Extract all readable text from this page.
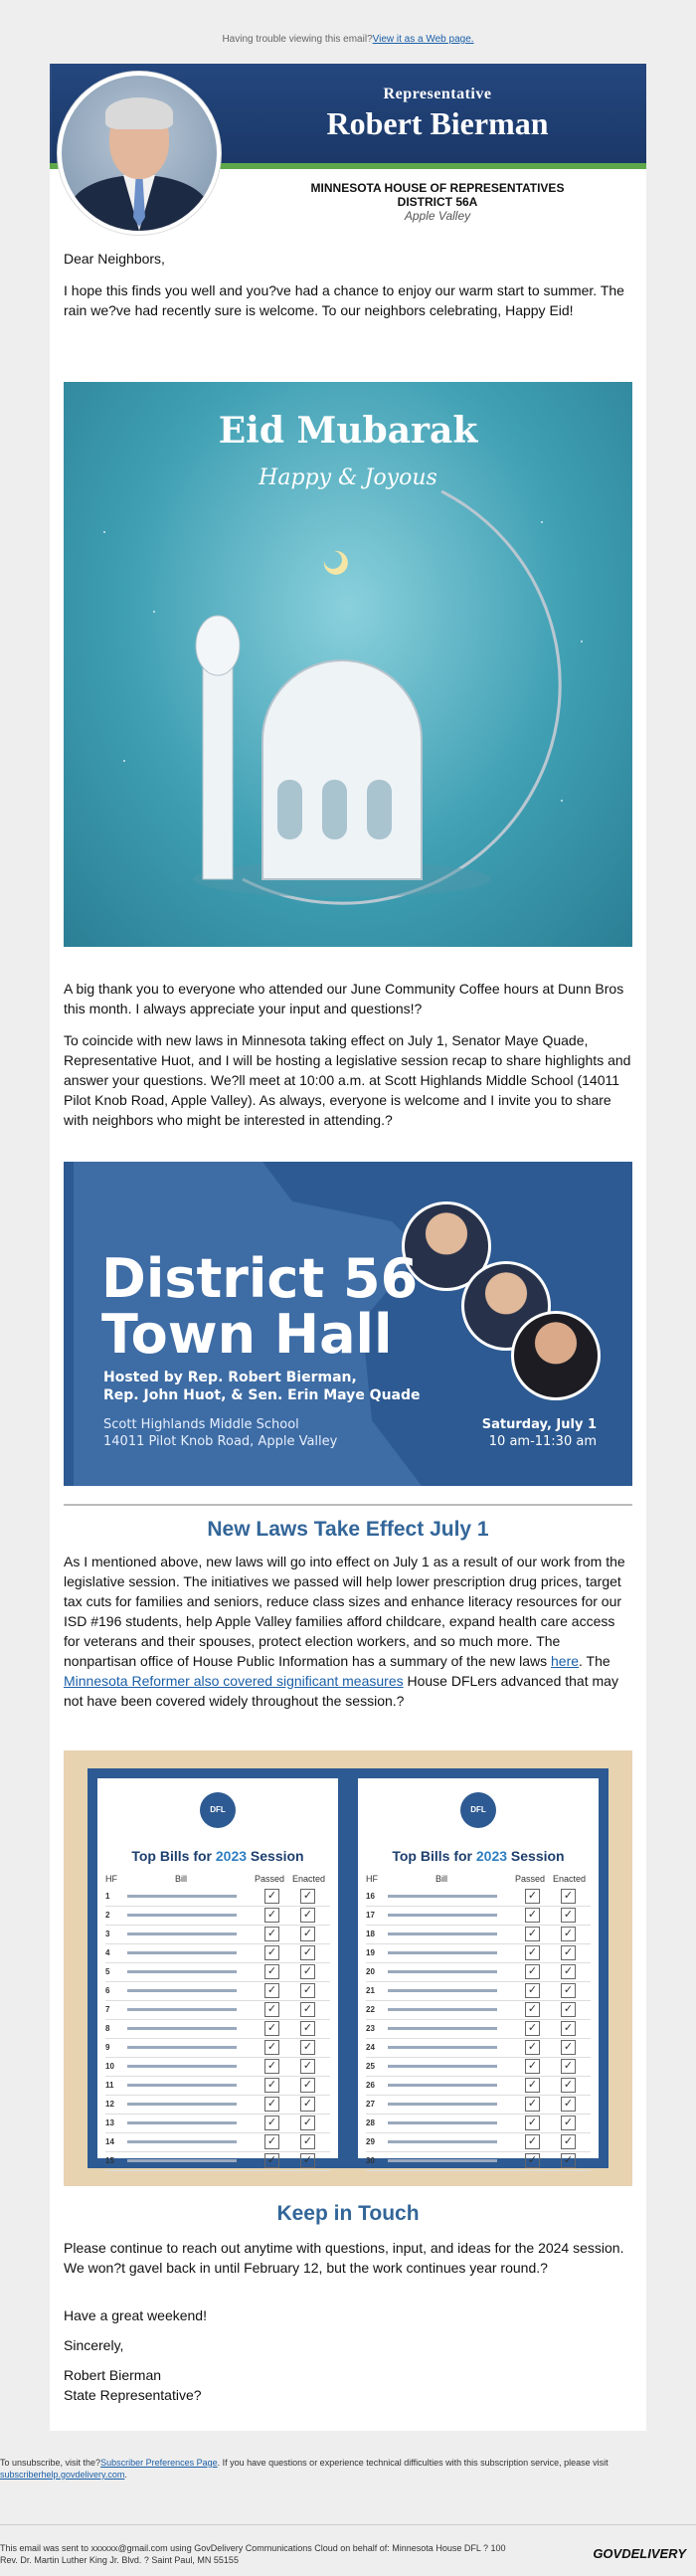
Having trouble viewing this email?View it as a Web page.
Representative
Robert Bierman
MINNESOTA HOUSE OF REPRESENTATIVES
DISTRICT 56A
Apple Valley
Dear Neighbors,
I hope this finds you well and you?ve had a chance to enjoy our warm start to summer. The rain we?ve had recently sure is welcome. To our neighbors celebrating, Happy Eid!
Eid Mubarak
Happy & Joyous
A big thank you to everyone who attended our June Community Coffee hours at Dunn Bros this month. I always appreciate your input and questions!?
To coincide with new laws in Minnesota taking effect on July 1, Senator Maye Quade, Representative Huot, and I will be hosting a legislative session recap to share highlights and answer your questions. We?ll meet at 10:00 a.m. at Scott Highlands Middle School (14011 Pilot Knob Road, Apple Valley). As always, everyone is welcome and I invite you to share with neighbors who might be interested in attending.?
District 56
Town Hall
Hosted by Rep. Robert Bierman,
Rep. John Huot, & Sen. Erin Maye Quade
Scott Highlands Middle School
14011 Pilot Knob Road, Apple Valley
Saturday, July 1
10 am-11:30 am
New Laws Take Effect July 1
As I mentioned above, new laws will go into effect on July 1 as a result of our work from the legislative session. The initiatives we passed will help lower prescription drug prices, target tax cuts for families and seniors, reduce class sizes and enhance literacy resources for our ISD #196 students, help Apple Valley families afford childcare, expand health care access for veterans and their spouses, protect election workers, and so much more. The nonpartisan office of House Public Information has a summary of the new laws here. The Minnesota Reformer also covered significant measures House DFLers advanced that may not have been covered widely throughout the session.?
DFL
Top Bills for 2023 Session
HF	Bill	Passed Enacted
1	✓ ✓
2	✓ ✓
3	✓ ✓
4	✓ ✓
5	✓ ✓
6	✓ ✓
7	✓ ✓
8	✓ ✓
9	✓ ✓
10	✓ ✓
11	✓ ✓
12	✓ ✓
13	✓ ✓
14	✓ ✓
15	✓ ✓
DFL
Top Bills for 2023 Session
HF	Bill	Passed Enacted
16	✓ ✓
17	✓ ✓
18	✓ ✓
19	✓ ✓
20	✓ ✓
21	✓ ✓
22	✓ ✓
23	✓ ✓
24	✓ ✓
25	✓ ✓
26	✓ ✓
27	✓ ✓
28	✓ ✓
29	✓ ✓
30	✓ ✓
Keep in Touch
Please continue to reach out anytime with questions, input, and ideas for the 2024 session. We won?t gavel back in until February 12, but the work continues year round.?
Have a great weekend!
Sincerely,
Robert Bierman
State Representative?
To unsubscribe, visit the?Subscriber Preferences Page. If you have questions or experience technical difficulties with this subscription service, please visit subscriberhelp.govdelivery.com.
This email was sent to xxxxxx@gmail.com using GovDelivery Communications Cloud on behalf of: Minnesota House DFL ? 100
Rev. Dr. Martin Luther King Jr. Blvd. ? Saint Paul, MN 55155	GOVDELIVERY
